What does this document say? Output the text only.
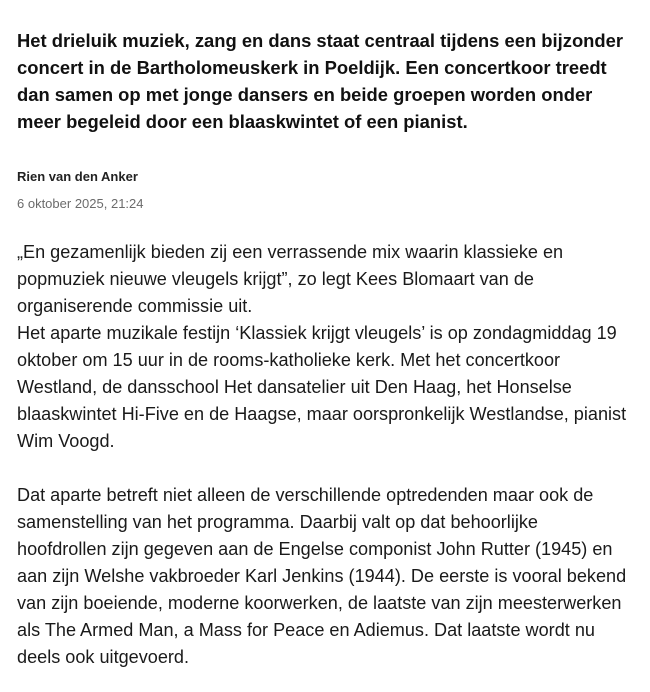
Het drieluik muziek, zang en dans staat centraal tijdens een bijzonder concert in de Bartholomeuskerk in Poeldijk. Een concertkoor treedt dan samen op met jonge dansers en beide groepen worden onder meer begeleid door een blaaskwintet of een pianist.

Rien van den Anker

6 oktober 2025, 21:24

„En gezamenlijk bieden zij een verrassende mix waarin klassieke en popmuziek nieuwe vleugels krijgt”, zo legt Kees Blomaart van de organiserende commissie uit.

Het aparte muzikale festijn ‘Klassiek krijgt vleugels’ is op zondagmiddag 19 oktober om 15 uur in de rooms-katholieke kerk. Met het concertkoor Westland, de dansschool Het dansatelier uit Den Haag, het Honselse blaaskwintet Hi-Five en de Haagse, maar oorspronkelijk Westlandse, pianist Wim Voogd.

Dat aparte betreft niet alleen de verschillende optredenden maar ook de samenstelling van het programma. Daarbij valt op dat behoorlijke hoofdrollen zijn gegeven aan de Engelse componist John Rutter (1945) en aan zijn Welshe vakbroeder Karl Jenkins (1944). De eerste is vooral bekend van zijn boeiende, moderne koorwerken, de laatste van zijn meesterwerken als The Armed Man, a Mass for Peace en Adiemus. Dat laatste wordt nu deels ook uitgevoerd.
